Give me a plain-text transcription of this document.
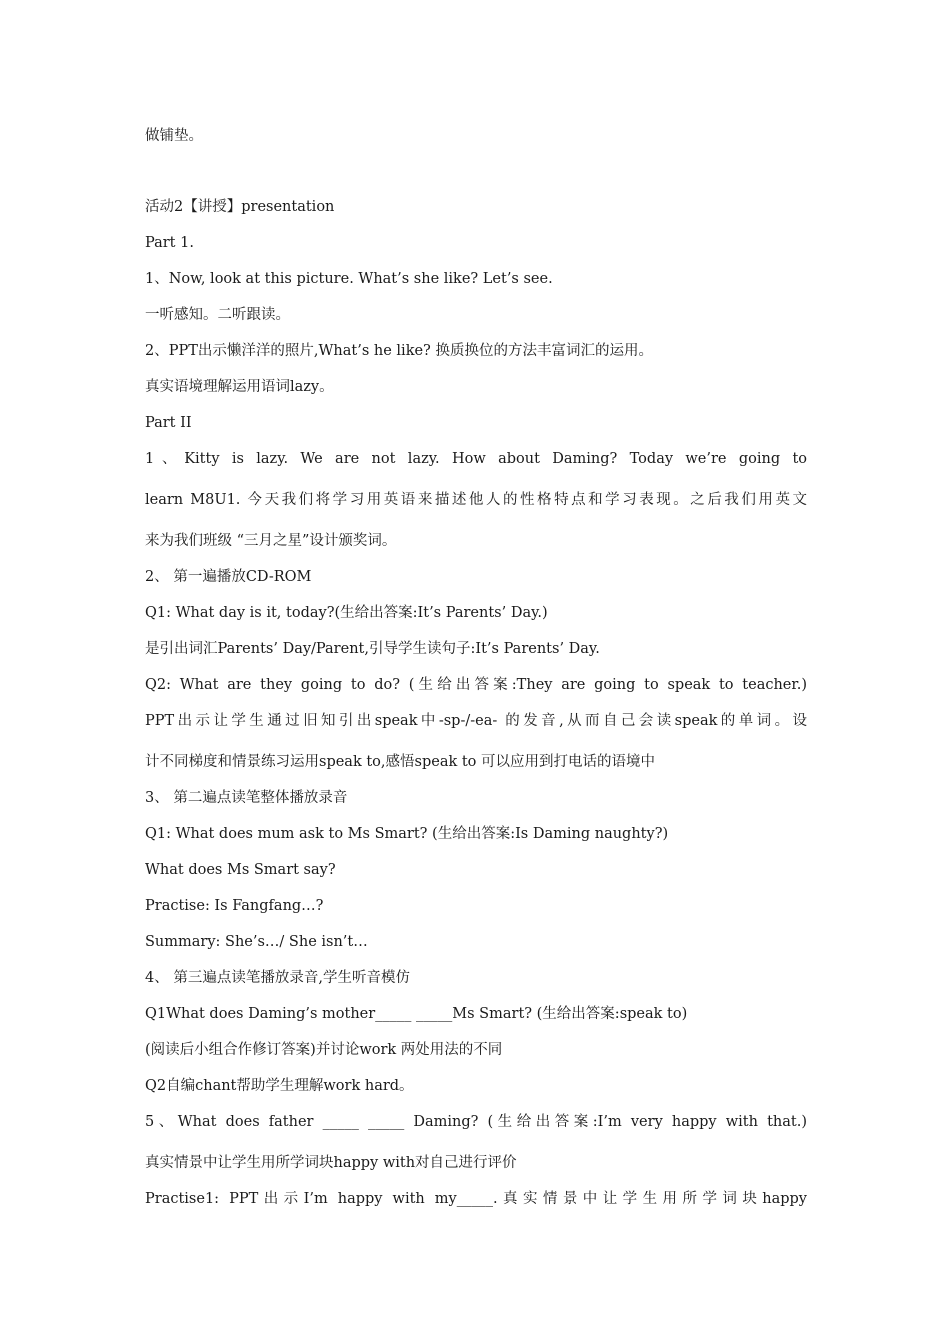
做铺垫。
活动2【讲授】presentation
Part 1.
1、Now, look at this picture. What’s she like? Let’s see.
一听感知。二听跟读。
2、PPT出示懒洋洋的照片,What’s he like? 换质换位的方法丰富词汇的运用。
真实语境理解运用语词lazy。
Part II
1、Kitty is lazy. We are not lazy. How about Daming? Today we’re going to
learn M8U1. 今天我们将学习用英语来描述他人的性格特点和学习表现。之后我们用英文
来为我们班级 “三月之星”设计颁奖词。
2、 第一遍播放CD-ROM
Q1: What day is it, today?(生给出答案:It’s Parents’ Day.)
是引出词汇Parents’ Day/Parent,引导学生读句子:It’s Parents’ Day.
Q2: What are they going to do? (生给出答案:They are going to speak to teacher.)
PPT出示让学生通过旧知引出speak中-sp-/-ea- 的发音,从而自己会读speak的单词。设
计不同梯度和情景练习运用speak to,感悟speak to 可以应用到打电话的语境中
3、 第二遍点读笔整体播放录音
Q1: What does mum ask to Ms Smart? (生给出答案:Is Daming naughty?)
What does Ms Smart say?
Practise: Is Fangfang…?
Summary: She’s…/ She isn’t…
4、 第三遍点读笔播放录音,学生听音模仿
Q1What does Daming’s mother_____ _____Ms Smart? (生给出答案:speak to)
(阅读后小组合作修订答案)并讨论work 两处用法的不同
Q2自编chant帮助学生理解work hard。
5、What does father _____ _____ Daming? (生给出答案:I’m very happy with that.)
真实情景中让学生用所学词块happy with对自己进行评价
Practise1: PPT出示I’m happy with my_____.真实情景中让学生用所学词块happy
